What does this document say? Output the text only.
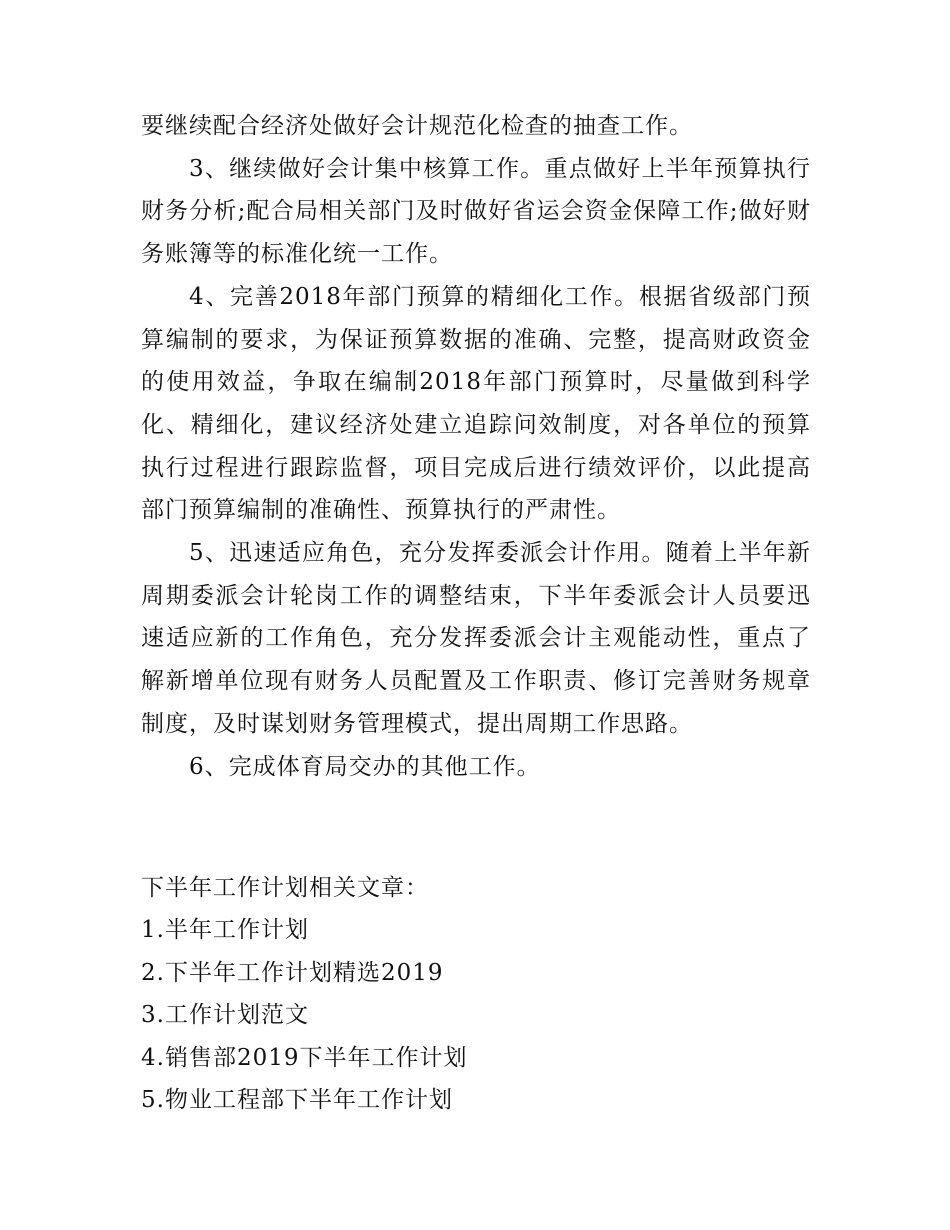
要继续配合经济处做好会计规范化检查的抽查工作。

3、继续做好会计集中核算工作。重点做好上半年预算执行财务分析;配合局相关部门及时做好省运会资金保障工作;做好财务账簿等的标准化统一工作。

4、完善2018年部门预算的精细化工作。根据省级部门预算编制的要求，为保证预算数据的准确、完整，提高财政资金的使用效益，争取在编制2018年部门预算时，尽量做到科学化、精细化，建议经济处建立追踪问效制度，对各单位的预算执行过程进行跟踪监督，项目完成后进行绩效评价，以此提高部门预算编制的准确性、预算执行的严肃性。

5、迅速适应角色，充分发挥委派会计作用。随着上半年新周期委派会计轮岗工作的调整结束，下半年委派会计人员要迅速适应新的工作角色，充分发挥委派会计主观能动性，重点了解新增单位现有财务人员配置及工作职责、修订完善财务规章制度，及时谋划财务管理模式，提出周期工作思路。

6、完成体育局交办的其他工作。

下半年工作计划相关文章：
1.半年工作计划
2.下半年工作计划精选2019
3.工作计划范文
4.销售部2019下半年工作计划
5.物业工程部下半年工作计划
